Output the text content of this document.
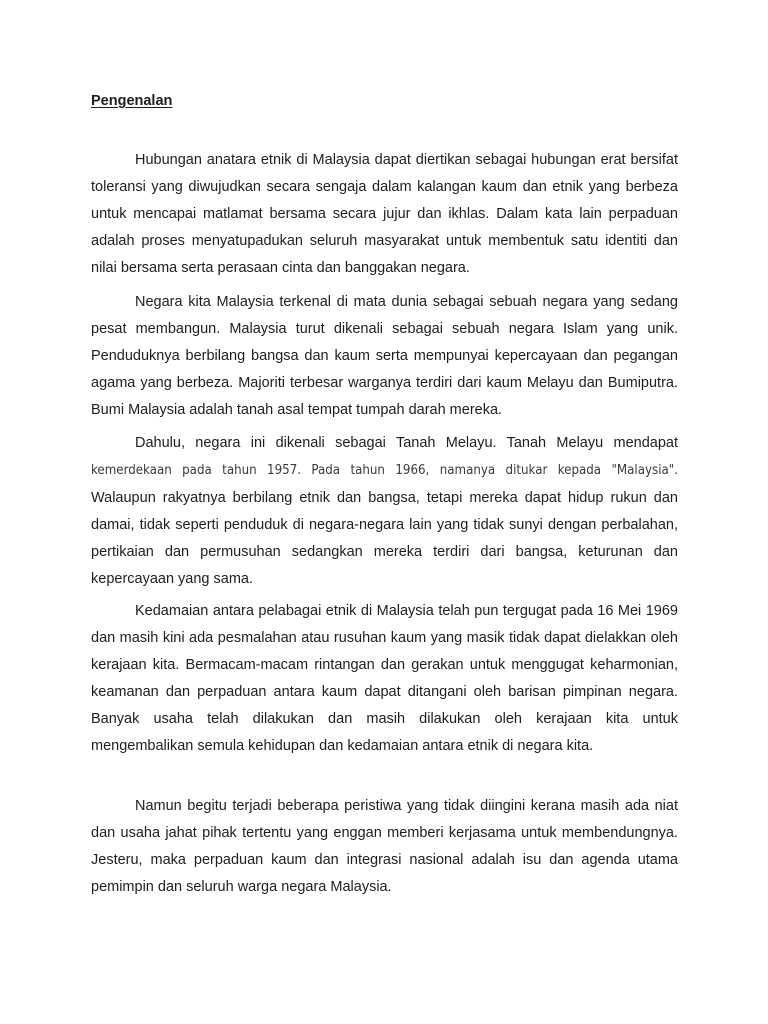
Pengenalan

Hubungan anatara etnik di Malaysia dapat diertikan sebagai hubungan erat bersifat toleransi yang diwujudkan secara sengaja dalam kalangan kaum dan etnik yang berbeza untuk mencapai matlamat bersama secara jujur dan ikhlas. Dalam kata lain perpaduan adalah proses menyatupadukan seluruh masyarakat untuk membentuk satu identiti dan nilai bersama serta perasaan cinta dan banggakan negara.

Negara kita Malaysia terkenal di mata dunia sebagai sebuah negara yang sedang pesat membangun. Malaysia turut dikenali sebagai sebuah negara Islam yang unik. Penduduknya berbilang bangsa dan kaum serta mempunyai kepercayaan dan pegangan agama yang berbeza. Majoriti terbesar warganya terdiri dari kaum Melayu dan Bumiputra. Bumi Malaysia adalah tanah asal tempat tumpah darah mereka.

Dahulu, negara ini dikenali sebagai Tanah Melayu. Tanah Melayu mendapat kemerdekaan pada tahun 1957. Pada tahun 1966, namanya ditukar kepada "Malaysia". Walaupun rakyatnya berbilang etnik dan bangsa, tetapi mereka dapat hidup rukun dan damai, tidak seperti penduduk di negara-negara lain yang tidak sunyi dengan perbalahan, pertikaian dan permusuhan sedangkan mereka terdiri dari bangsa, keturunan dan kepercayaan yang sama.

Kedamaian antara pelabagai etnik di Malaysia telah pun tergugat pada 16 Mei 1969 dan masih kini ada pesmalahan atau rusuhan kaum yang masik tidak dapat dielakkan oleh kerajaan kita. Bermacam-macam rintangan dan gerakan untuk menggugat keharmonian, keamanan dan perpaduan antara kaum dapat ditangani oleh barisan pimpinan negara. Banyak usaha telah dilakukan dan masih dilakukan oleh kerajaan kita untuk mengembalikan semula kehidupan dan kedamaian antara etnik di negara kita.

Namun begitu terjadi beberapa peristiwa yang tidak diingini kerana masih ada niat dan usaha jahat pihak tertentu yang enggan memberi kerjasama untuk membendungnya. Jesteru, maka perpaduan kaum dan integrasi nasional adalah isu dan agenda utama pemimpin dan seluruh warga negara Malaysia.
